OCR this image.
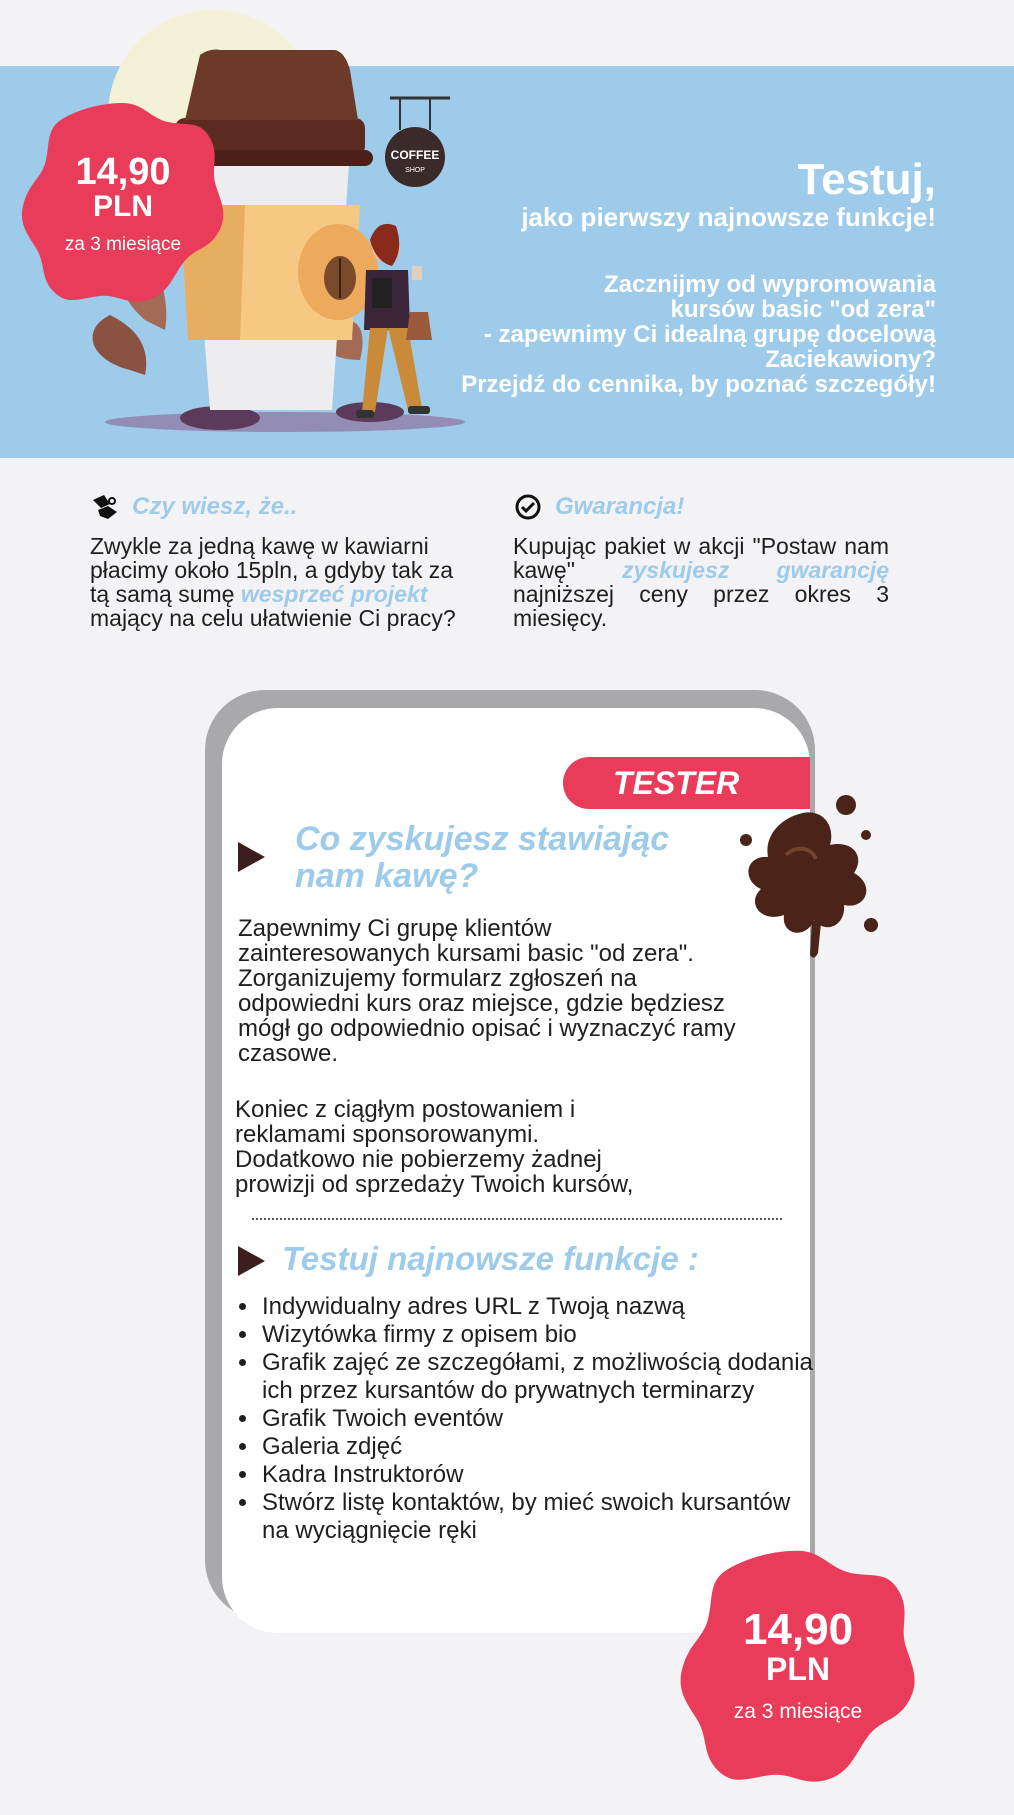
COFFEE
SHOP	Testuj,
jako pierwszy najnowsze funkcje!
Zacznijmy od wypromowania
kursów basic "od zera"
- zapewnimy Ci idealną grupę docelową
Zaciekawiony?
Przejdź do cennika, by poznać szczegóły!
14,90
PLN
za 3 miesiące
Czy wiesz, że..
Zwykle za jedną kawę w kawiarni płacimy około 15pln, a gdyby tak za tą samą sumę wesprzeć projekt mający na celu ułatwienie Ci pracy?
Gwarancja!
Kupując pakiet w akcji "Postaw nam kawę" zyskujesz gwarancję najniższej ceny przez okres 3 miesięcy.
TESTER
Co zyskujesz stawiając
nam kawę?
Zapewnimy Ci grupę klientów
zainteresowanych kursami basic "od zera".
Zorganizujemy formularz zgłoszeń na
odpowiedni kurs oraz miejsce, gdzie będziesz
mógł go odpowiednio opisać i wyznaczyć ramy
czasowe.
Koniec z ciągłym postowaniem i
reklamami sponsorowanymi.
Dodatkowo nie pobierzemy żadnej
prowizji od sprzedaży Twoich kursów,
Testuj najnowsze funkcje :
• Indywidualny adres URL z Twoją nazwą
• Wizytówka firmy z opisem bio
• Grafik zajęć ze szczegółami, z możliwością dodania ich przez kursantów do prywatnych terminarzy
• Grafik Twoich eventów
• Galeria zdjęć
• Kadra Instruktorów
• Stwórz listę kontaktów, by mieć swoich kursantów na wyciągnięcie ręki
14,90
PLN
za 3 miesiące
